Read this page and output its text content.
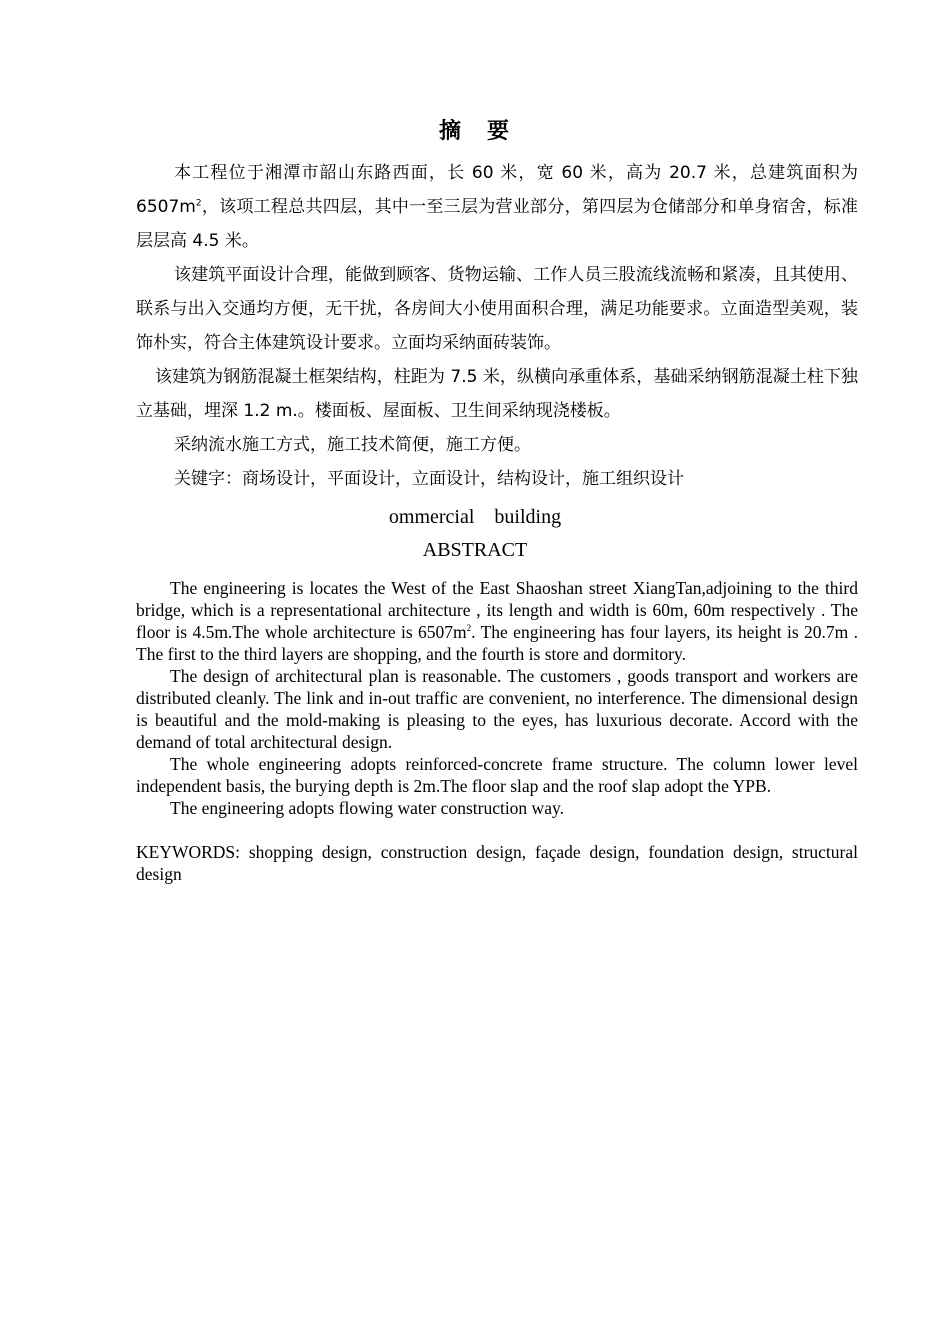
摘　要

本工程位于湘潭市韶山东路西面，长 60 米，宽 60 米，高为 20.7 米，总建筑面积为$6507m^2$，该项工程总共四层，其中一至三层为营业部分，第四层为仓储部分和单身宿舍，标准层层高 4.5 米。

该建筑平面设计合理，能做到顾客、货物运输、工作人员三股流线流畅和紧凑，且其使用、联系与出入交通均方便，无干扰，各房间大小使用面积合理，满足功能要求。立面造型美观，装饰朴实，符合主体建筑设计要求。立面均采纳面砖装饰。

该建筑为钢筋混凝土框架结构，柱距为 7.5 米，纵横向承重体系，基础采纳钢筋混凝土柱下独立基础，埋深 1.2 m.。楼面板、屋面板、卫生间采纳现浇楼板。

采纳流水施工方式，施工技术简便，施工方便。

关键字：商场设计，平面设计，立面设计，结构设计，施工组织设计

ommercial　building

ABSTRACT

The engineering is locates the West of the East Shaoshan street XiangTan,adjoining to the third bridge, which is a representational architecture , its length and width is 60m, 60m respectively . The floor is 4.5m.The whole architecture is $6507m^2$. The engineering has four layers, its height is 20.7m . The first to the third layers are shopping, and the fourth is store and dormitory.

The design of architectural plan is reasonable. The customers , goods transport and workers are distributed cleanly. The link and in-out traffic are convenient, no interference. The dimensional design is beautiful and the mold-making is pleasing to the eyes, has luxurious decorate. Accord with the demand of total architectural design.

The whole engineering adopts reinforced-concrete frame structure. The column lower level independent basis, the burying depth is 2m.The floor slap and the roof slap adopt the YPB.

The engineering adopts flowing water construction way.

KEYWORDS: shopping design, construction design, façade design, foundation design, structural design
